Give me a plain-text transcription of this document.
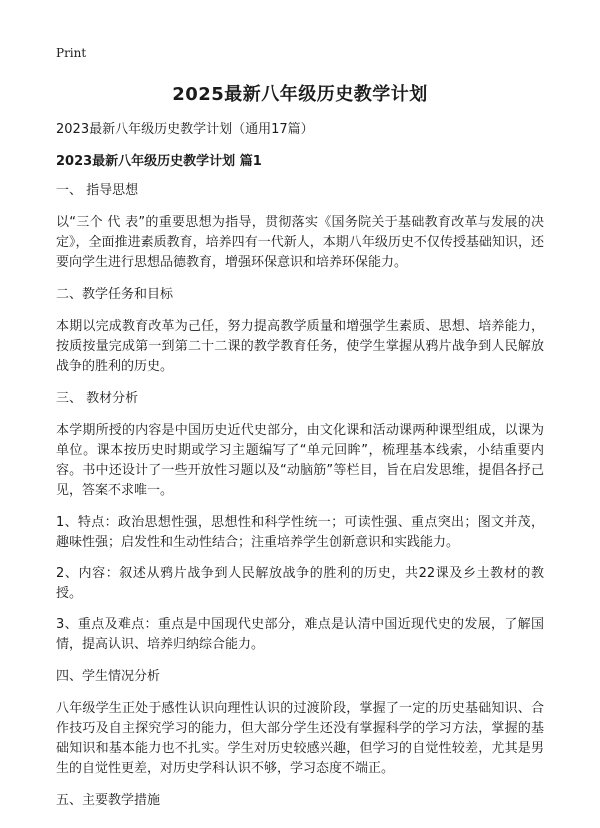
Print
2025最新八年级历史教学计划

2023最新八年级历史教学计划（通用17篇）

2023最新八年级历史教学计划 篇1

一、 指导思想

以“三个 代 表”的重要思想为指导，贯彻落实《国务院关于基础教育改革与发展的决定》，全面推进素质教育，培养四有一代新人，本期八年级历史不仅传授基础知识，还要向学生进行思想品德教育，增强环保意识和培养环保能力。

二、教学任务和目标

本期以完成教育改革为己任，努力提高教学质量和增强学生素质、思想、培养能力，按质按量完成第一到第二十二课的教学教育任务，使学生掌握从鸦片战争到人民解放战争的胜利的历史。

三、 教材分析

本学期所授的内容是中国历史近代史部分，由文化课和活动课两种课型组成，以课为单位。课本按历史时期或学习主题编写了“单元回眸”，梳理基本线索，小结重要内容。书中还设计了一些开放性习题以及“动脑筋”等栏目，旨在启发思维，提倡各抒己见，答案不求唯一。

1、特点：政治思想性强，思想性和科学性统一；可读性强、重点突出；图文并茂，趣味性强；启发性和生动性结合；注重培养学生创新意识和实践能力。

2、内容：叙述从鸦片战争到人民解放战争的胜利的历史，共22课及乡土教材的教授。

3、重点及难点：重点是中国现代史部分，难点是认清中国近现代史的发展，了解国情，提高认识、培养归纳综合能力。

四、学生情况分析

八年级学生正处于感性认识向理性认识的过渡阶段，掌握了一定的历史基础知识、合作技巧及自主探究学习的能力，但大部分学生还没有掌握科学的学习方法，掌握的基础知识和基本能力也不扎实。学生对历史较感兴趣，但学习的自觉性较差，尤其是男生的自觉性更差，对历史学科认识不够，学习态度不端正。

五、主要教学措施
